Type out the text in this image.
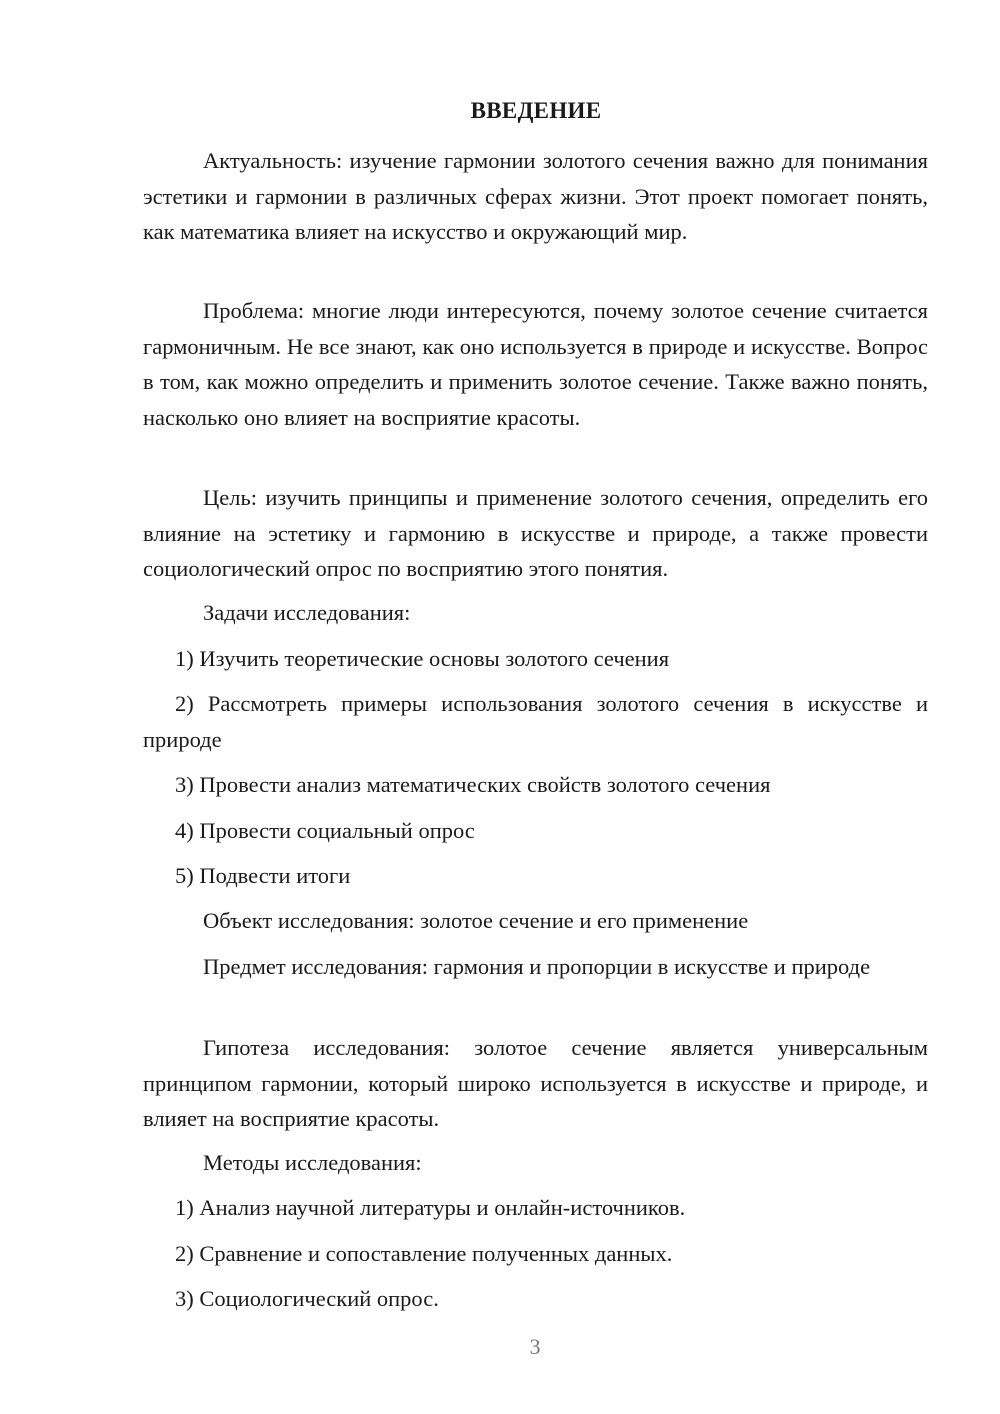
ВВЕДЕНИЕ
Актуальность: изучение гармонии золотого сечения важно для понимания эстетики и гармонии в различных сферах жизни. Этот проект помогает понять, как математика влияет на искусство и окружающий мир.
Проблема: многие люди интересуются, почему золотое сечение считается гармоничным. Не все знают, как оно используется в природе и искусстве. Вопрос в том, как можно определить и применить золотое сечение. Также важно понять, насколько оно влияет на восприятие красоты.
Цель: изучить принципы и применение золотого сечения, определить его влияние на эстетику и гармонию в искусстве и природе, а также провести социологический опрос по восприятию этого понятия.
Задачи исследования:
1) Изучить теоретические основы золотого сечения
2) Рассмотреть примеры использования золотого сечения в искусстве и природе
3) Провести анализ математических свойств золотого сечения
4) Провести социальный опрос
5) Подвести итоги
Объект исследования: золотое сечение и его применение
Предмет исследования: гармония и пропорции в искусстве и природе
Гипотеза исследования: золотое сечение является универсальным принципом гармонии, который широко используется в искусстве и природе, и влияет на восприятие красоты.
Методы исследования:
1) Анализ научной литературы и онлайн-источников.
2) Сравнение и сопоставление полученных данных.
3) Социологический опрос.
3
